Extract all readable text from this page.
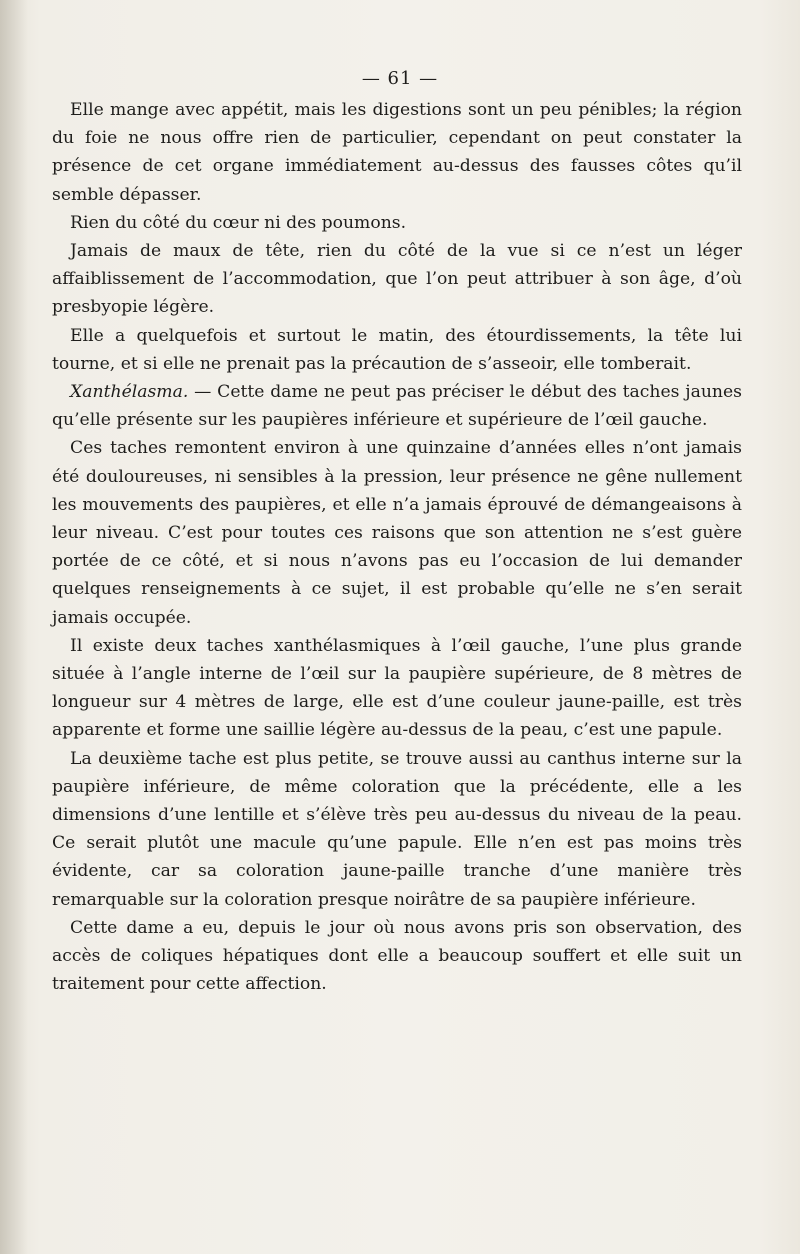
— 61 —

Elle mange avec appétit, mais les digestions sont un peu pénibles; la région du foie ne nous offre rien de particulier, cependant on peut constater la présence de cet organe immédiatement au-dessus des fausses côtes qu’il semble dépasser.

Rien du côté du cœur ni des poumons.

Jamais de maux de tête, rien du côté de la vue si ce n’est un léger affaiblissement de l’accommodation, que l’on peut attribuer à son âge, d’où presbyopie légère.

Elle a quelquefois et surtout le matin, des étourdissements, la tête lui tourne, et si elle ne prenait pas la précaution de s’asseoir, elle tomberait.

Xanthélasma. — Cette dame ne peut pas préciser le début des taches jaunes qu’elle présente sur les paupières inférieure et supérieure de l’œil gauche.

Ces taches remontent environ à une quinzaine d’années elles n’ont jamais été douloureuses, ni sensibles à la pression, leur présence ne gêne nullement les mouvements des paupières, et elle n’a jamais éprouvé de démangeaisons à leur niveau. C’est pour toutes ces raisons que son attention ne s’est guère portée de ce côté, et si nous n’avons pas eu l’occasion de lui demander quelques renseignements à ce sujet, il est probable qu’elle ne s’en serait jamais occupée.

Il existe deux taches xanthélasmiques à l’œil gauche, l’une plus grande située à l’angle interne de l’œil sur la paupière supérieure, de 8 mètres de longueur sur 4 mètres de large, elle est d’une couleur jaune-paille, est très apparente et forme une saillie légère au-dessus de la peau, c’est une papule.

La deuxième tache est plus petite, se trouve aussi au canthus interne sur la paupière inférieure, de même coloration que la précédente, elle a les dimensions d’une lentille et s’élève très peu au-dessus du niveau de la peau. Ce serait plutôt une macule qu’une papule. Elle n’en est pas moins très évidente, car sa coloration jaune-paille tranche d’une manière très remarquable sur la coloration presque noirâtre de sa paupière inférieure.

Cette dame a eu, depuis le jour où nous avons pris son observation, des accès de coliques hépatiques dont elle a beaucoup souffert et elle suit un traitement pour cette affection.
